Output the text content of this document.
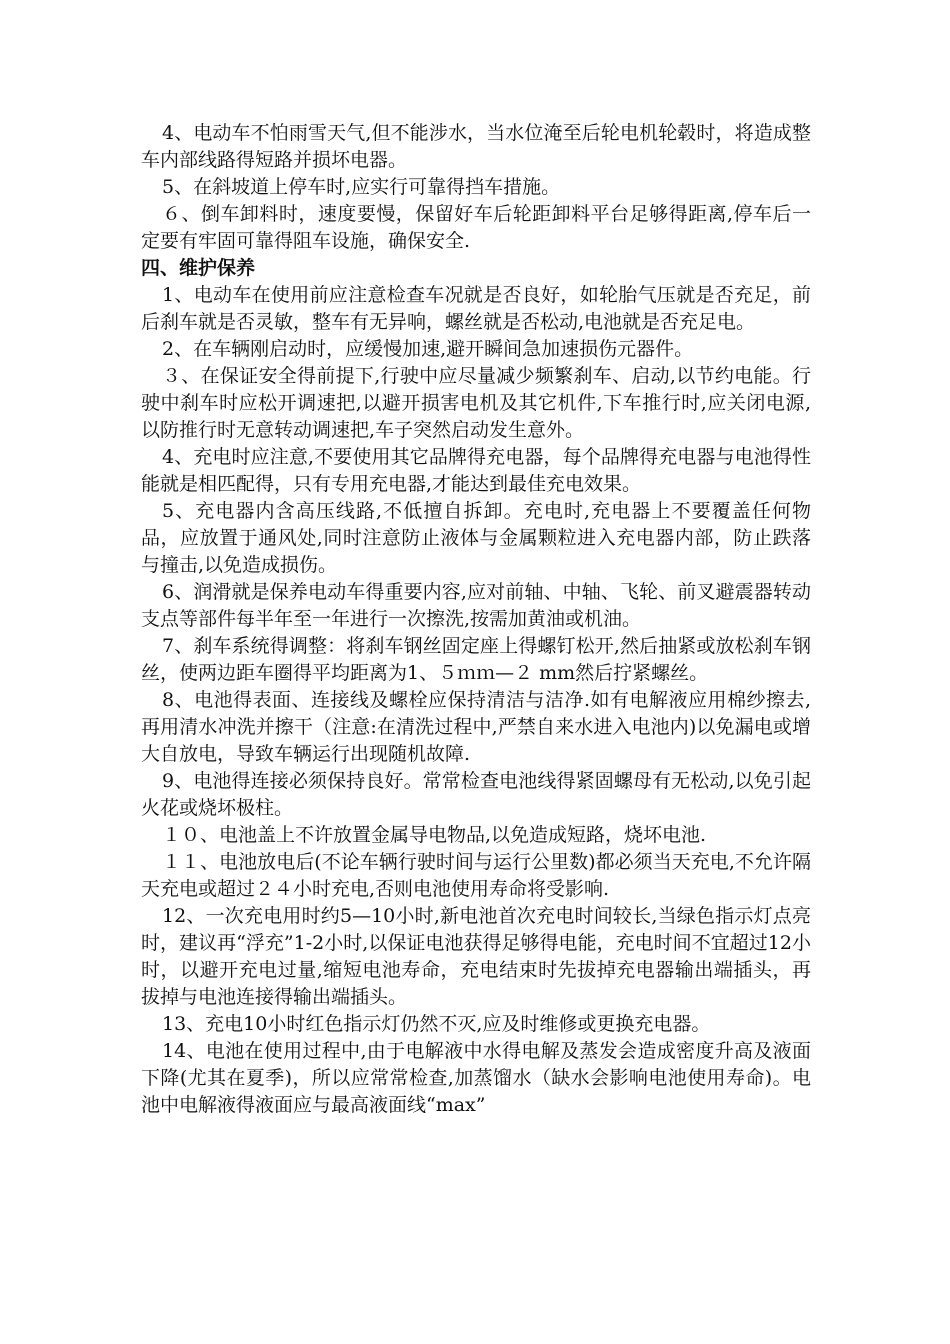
4、电动车不怕雨雪天气,但不能涉水，当水位淹至后轮电机轮毂时，将造成整车内部线路得短路并损坏电器。

5、在斜坡道上停车时,应实行可靠得挡车措施。

６、倒车卸料时，速度要慢，保留好车后轮距卸料平台足够得距离,停车后一定要有牢固可靠得阻车设施，确保安全.

四、维护保养

1、电动车在使用前应注意检查车况就是否良好，如轮胎气压就是否充足，前后刹车就是否灵敏，整车有无异响，螺丝就是否松动,电池就是否充足电。

2、在车辆刚启动时，应缓慢加速,避开瞬间急加速损伤元器件。

３、在保证安全得前提下,行驶中应尽量减少频繁刹车、启动,以节约电能。行驶中刹车时应松开调速把,以避开损害电机及其它机件,下车推行时,应关闭电源,以防推行时无意转动调速把,车子突然启动发生意外。

4、充电时应注意,不要使用其它品牌得充电器，每个品牌得充电器与电池得性能就是相匹配得，只有专用充电器,才能达到最佳充电效果。

5、充电器内含高压线路,不低擅自拆卸。充电时,充电器上不要覆盖任何物品，应放置于通风处,同时注意防止液体与金属颗粒进入充电器内部，防止跌落与撞击,以免造成损伤。

6、润滑就是保养电动车得重要内容,应对前轴、中轴、飞轮、前叉避震器转动支点等部件每半年至一年进行一次擦洗,按需加黄油或机油。

7、刹车系统得调整：将刹车钢丝固定座上得螺钉松开,然后抽紧或放松刹车钢丝，使两边距车圈得平均距离为1、５ｍｍ—２ mm然后拧紧螺丝。

8、电池得表面、连接线及螺栓应保持清洁与洁净.如有电解液应用棉纱擦去,再用清水冲洗并擦干（注意:在清洗过程中,严禁自来水进入电池内)以免漏电或增大自放电，导致车辆运行出现随机故障.

9、电池得连接必须保持良好。常常检查电池线得紧固螺母有无松动,以免引起火花或烧坏极柱。

１０、电池盖上不许放置金属导电物品,以免造成短路，烧坏电池.

１１、电池放电后(不论车辆行驶时间与运行公里数)都必须当天充电,不允许隔天充电或超过２４小时充电,否则电池使用寿命将受影响.

12、一次充电用时约5—10小时,新电池首次充电时间较长,当绿色指示灯点亮时，建议再“浮充”1-2小时,以保证电池获得足够得电能，充电时间不宜超过12小时，以避开充电过量,缩短电池寿命，充电结束时先拔掉充电器输出端插头，再拔掉与电池连接得输出端插头。

13、充电10小时红色指示灯仍然不灭,应及时维修或更换充电器。

14、电池在使用过程中,由于电解液中水得电解及蒸发会造成密度升高及液面下降(尤其在夏季)，所以应常常检查,加蒸馏水（缺水会影响电池使用寿命)。电池中电解液得液面应与最高液面线“max”
